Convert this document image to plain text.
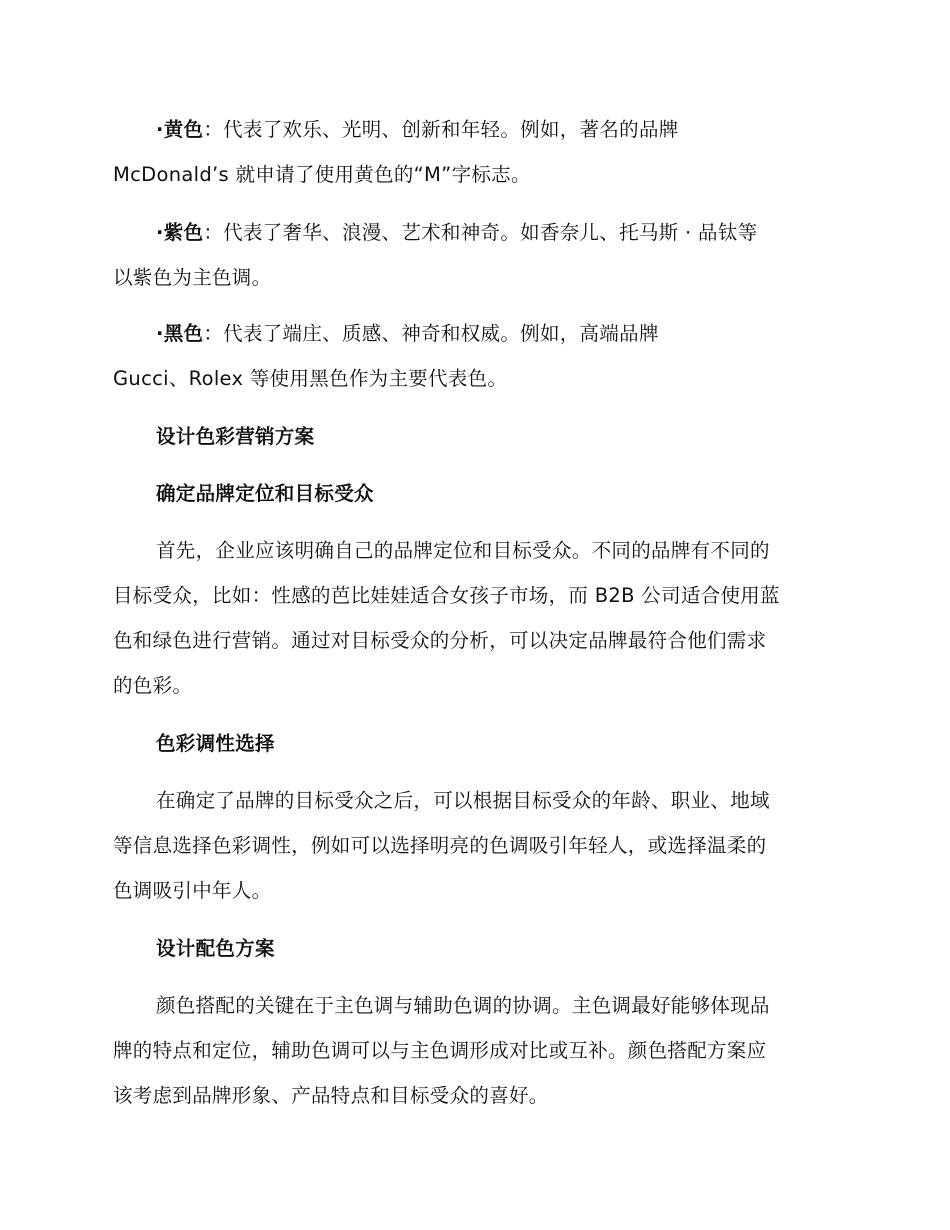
·黄色：代表了欢乐、光明、创新和年轻。例如，著名的品牌
McDonald’s 就申请了使用黄色的“M”字标志。
·紫色：代表了奢华、浪漫、艺术和神奇。如香奈儿、托马斯 · 品钛等
以紫色为主色调。
·黑色：代表了端庄、质感、神奇和权威。例如，高端品牌
Gucci、Rolex 等使用黑色作为主要代表色。
设计色彩营销方案
确定品牌定位和目标受众
首先，企业应该明确自己的品牌定位和目标受众。不同的品牌有不同的
目标受众，比如：性感的芭比娃娃适合女孩子市场，而 B2B 公司适合使用蓝
色和绿色进行营销。通过对目标受众的分析，可以决定品牌最符合他们需求
的色彩。
色彩调性选择
在确定了品牌的目标受众之后，可以根据目标受众的年龄、职业、地域
等信息选择色彩调性，例如可以选择明亮的色调吸引年轻人，或选择温柔的
色调吸引中年人。
设计配色方案
颜色搭配的关键在于主色调与辅助色调的协调。主色调最好能够体现品
牌的特点和定位，辅助色调可以与主色调形成对比或互补。颜色搭配方案应
该考虑到品牌形象、产品特点和目标受众的喜好。
